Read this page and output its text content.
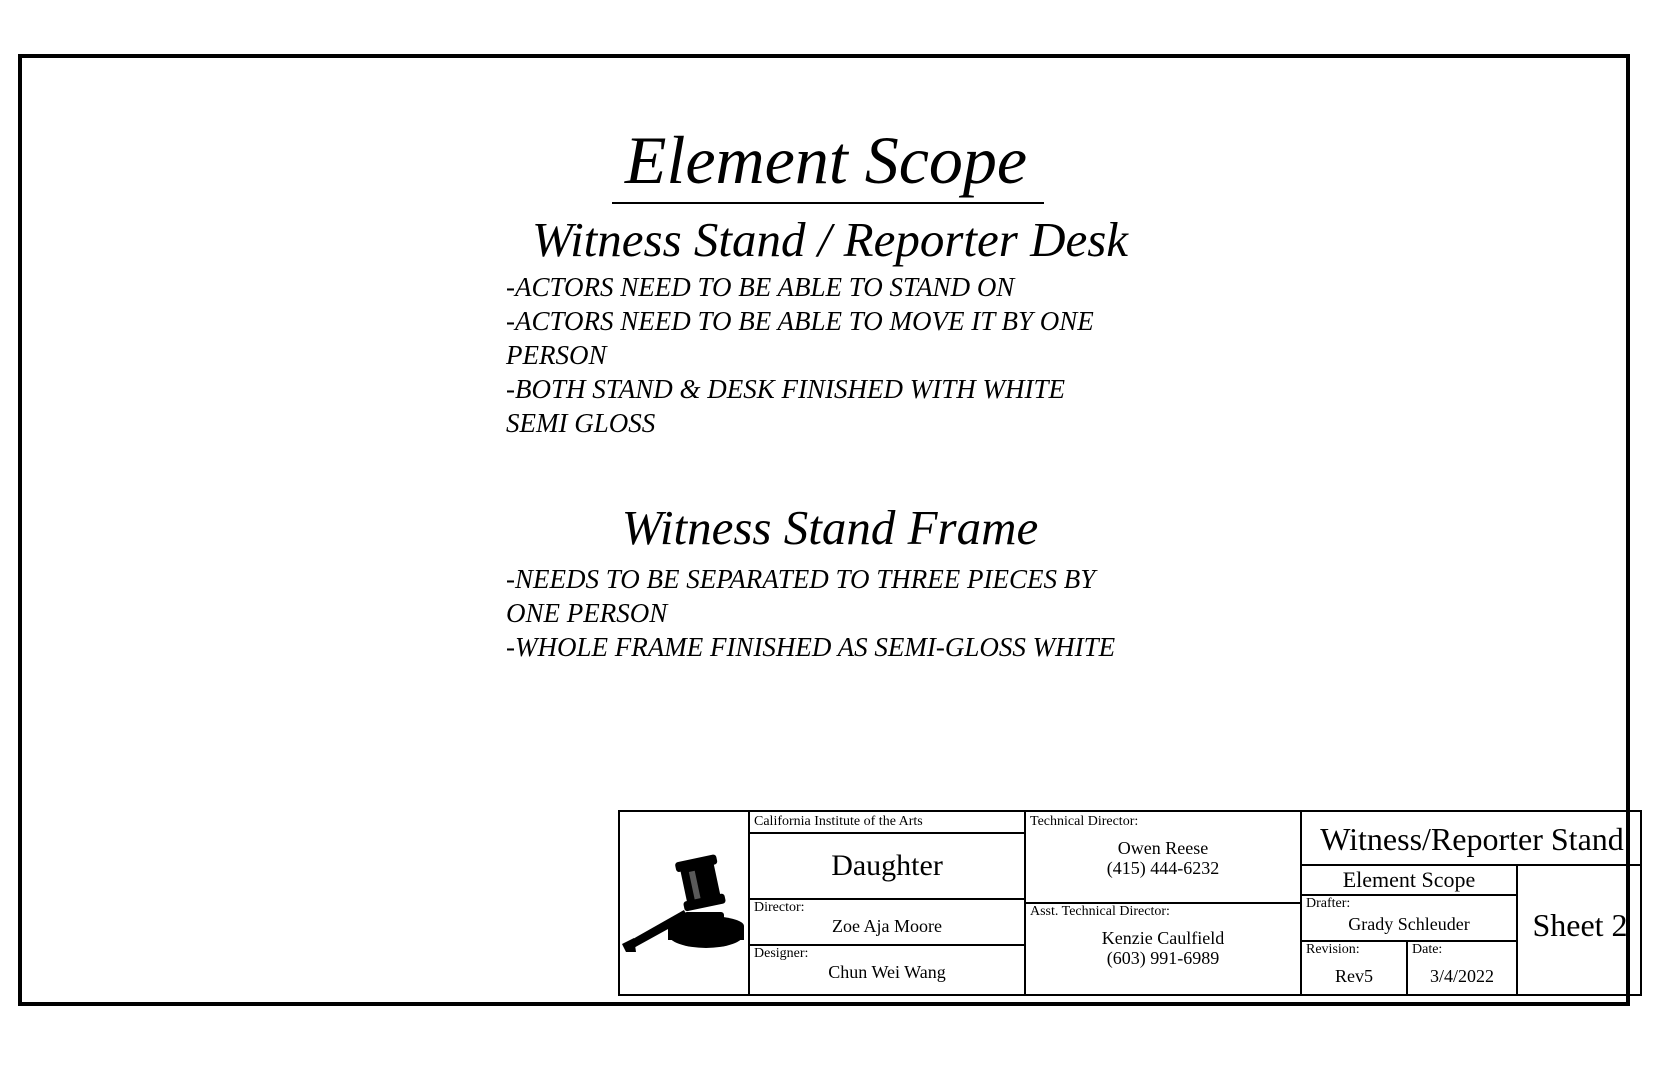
Element Scope
Witness Stand / Reporter Desk
-ACTORS NEED TO BE ABLE TO STAND ON
-ACTORS NEED TO BE ABLE TO MOVE IT BY ONE
PERSON
-BOTH STAND & DESK FINISHED WITH WHITE
SEMI GLOSS
Witness Stand Frame
-NEEDS TO BE SEPARATED TO THREE PIECES BY
ONE PERSON
-WHOLE FRAME FINISHED AS SEMI-GLOSS WHITE
California Institute of the Arts
Daughter
Director:
Zoe Aja Moore
Designer:
Chun Wei Wang
Technical Director:
Owen Reese
(415) 444-6232
Asst. Technical Director:
Kenzie Caulfield
(603) 991-6989
Witness/Reporter Stand
Element Scope
Drafter:
Grady Schleuder
Revision:
Rev5
Date:
3/4/2022
Sheet 2
